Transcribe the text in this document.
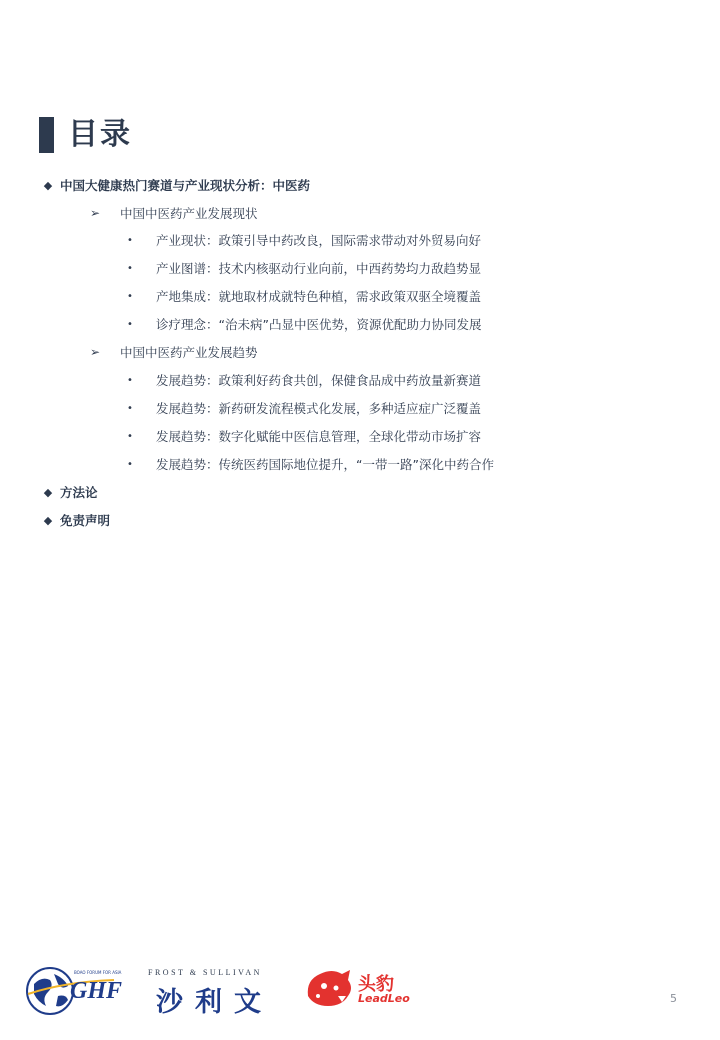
目录
◆ 中国大健康热门赛道与产业现状分析：中医药
➢ 中国中医药产业发展现状
• 产业现状：政策引导中药改良，国际需求带动对外贸易向好
• 产业图谱：技术内核驱动行业向前，中西药势均力敌趋势显
• 产地集成：就地取材成就特色种植，需求政策双驱全境覆盖
• 诊疗理念：“治未病”凸显中医优势，资源优配助力协同发展
➢ 中国中医药产业发展趋势
• 发展趋势：政策利好药食共创，保健食品成中药放量新赛道
• 发展趋势：新药研发流程模式化发展，多种适应症广泛覆盖
• 发展趋势：数字化赋能中医信息管理，全球化带动市场扩容
• 发展趋势：传统医药国际地位提升，“一带一路”深化中药合作
◆ 方法论
◆ 免责声明
GHF
BOAO FORUM FOR ASIA	FROST & SULLIVAN
沙利文
头豹
LeadLeo	5
